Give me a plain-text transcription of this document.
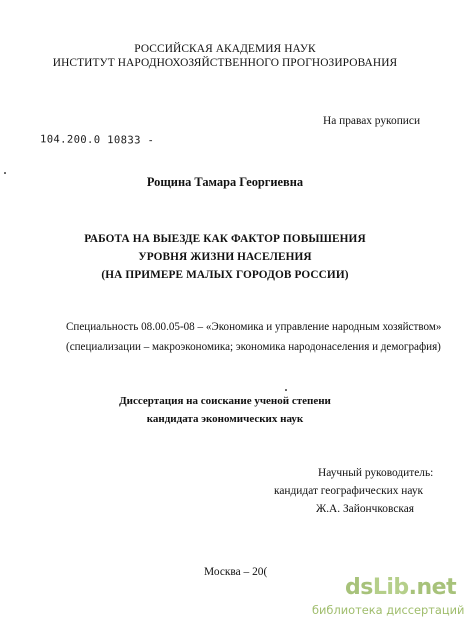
РОССИЙСКАЯ АКАДЕМИЯ НАУК
ИНСТИТУТ НАРОДНОХОЗЯЙСТВЕННОГО ПРОГНОЗИРОВАНИЯ
На правах рукописи
104.200.0 10833 -
Рощина Тамара Георгиевна
РАБОТА НА ВЫЕЗДЕ КАК ФАКТОР ПОВЫШЕНИЯ
УРОВНЯ ЖИЗНИ НАСЕЛЕНИЯ
(НА ПРИМЕРЕ МАЛЫХ ГОРОДОВ РОССИИ)
Специальность 08.00.05-08 – «Экономика и управление народным хозяйством»
(специализации – макроэкономика; экономика народонаселения и демография)
Диссертация на соискание ученой степени
кандидата экономических наук
Научный руководитель:
кандидат географических наук
Ж.А. Зайончковская
Москва – 20(
dsLib.net
библиотека диссертаций
